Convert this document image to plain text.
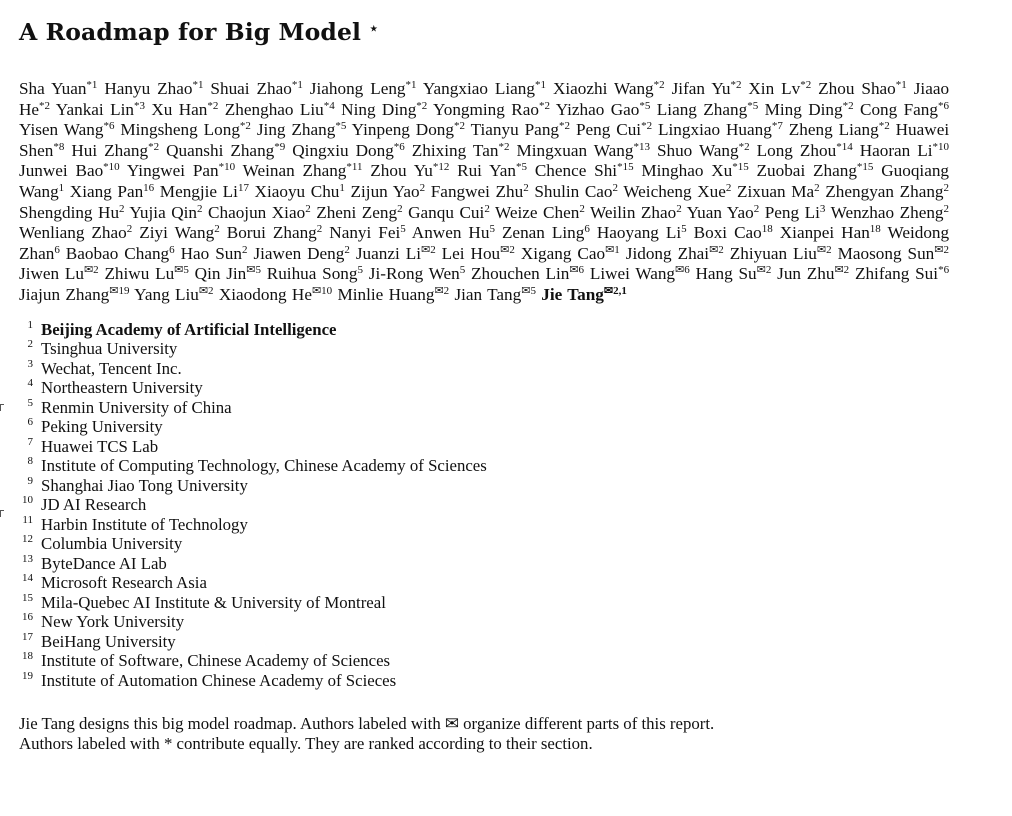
A Roadmap for Big Model ⋆

Sha Yuan$^{*1}$ Hanyu Zhao$^{*1}$ Shuai Zhao$^{*1}$ Jiahong Leng$^{*1}$ Yangxiao Liang$^{*1}$ Xiaozhi Wang$^{*2}$ Jifan Yu$^{*2}$ Xin Lv$^{*2}$ Zhou Shao$^{*1}$ Jiaao He$^{*2}$ Yankai Lin$^{*3}$ Xu Han$^{*2}$ Zhenghao Liu$^{*4}$ Ning Ding$^{*2}$ Yongming Rao$^{*2}$ Yizhao Gao$^{*5}$ Liang Zhang$^{*5}$ Ming Ding$^{*2}$ Cong Fang$^{*6}$ Yisen Wang$^{*6}$ Mingsheng Long$^{*2}$ Jing Zhang$^{*5}$ Yinpeng Dong$^{*2}$ Tianyu Pang$^{*2}$ Peng Cui$^{*2}$ Lingxiao Huang$^{*7}$ Zheng Liang$^{*2}$ Huawei Shen$^{*8}$ Hui Zhang$^{*2}$ Quanshi Zhang$^{*9}$ Qingxiu Dong$^{*6}$ Zhixing Tan$^{*2}$ Mingxuan Wang$^{*13}$ Shuo Wang$^{*2}$ Long Zhou$^{*14}$ Haoran Li$^{*10}$ Junwei Bao$^{*10}$ Yingwei Pan$^{*10}$ Weinan Zhang$^{*11}$ Zhou Yu$^{*12}$ Rui Yan$^{*5}$ Chence Shi$^{*15}$ Minghao Xu$^{*15}$ Zuobai Zhang$^{*15}$ Guoqiang Wang$^1$ Xiang Pan$^{16}$ Mengjie Li$^{17}$ Xiaoyu Chu$^1$ Zijun Yao$^2$ Fangwei Zhu$^2$ Shulin Cao$^2$ Weicheng Xue$^2$ Zixuan Ma$^2$ Zhengyan Zhang$^2$ Shengding Hu$^2$ Yujia Qin$^2$ Chaojun Xiao$^2$ Zheni Zeng$^2$ Ganqu Cui$^2$ Weize Chen$^2$ Weilin Zhao$^2$ Yuan Yao$^2$ Peng Li$^3$ Wenzhao Zheng$^2$ Wenliang Zhao$^2$ Ziyi Wang$^2$ Borui Zhang$^2$ Nanyi Fei$^5$ Anwen Hu$^5$ Zenan Ling$^6$ Haoyang Li$^5$ Boxi Cao$^{18}$ Xianpei Han$^{18}$ Weidong Zhan$^6$ Baobao Chang$^6$ Hao Sun$^2$ Jiawen Deng$^2$ Juanzi $Li^{✉2}$ Lei Hou$^{✉2}$ Xigang Cao$^{✉1}$ Jidong Zhai$^{✉2}$ Zhiyuan Liu$^{✉2}$ Maosong Sun$^{✉2}$ Jiwen $Lu^{✉2}$ Zhiwu $Lu^{✉5}$ Qin Jin$^{✉5}$ Ruihua Song$^5$ Ji-Rong Wen$^5$ Zhouchen Lin$^{✉6}$ Liwei Wang$^{✉6}$ Hang $Su^{✉2}$ Jun Zhu$^{✉2}$ Zhifang Sui$^{*6}$ Jiajun Zhang$^{✉19}$ Yang Liu$^{✉2}$ Xiaodong $He^{✉10}$ Minlie Huang$^{✉2}$ Jian Tang$^{✉5}$ Jie Tang$^{✉2,1}$

1 Beijing Academy of Artificial Intelligence
2 Tsinghua University
3 Wechat, Tencent Inc.
4 Northeastern University
5 Renmin University of China
6 Peking University
7 Huawei TCS Lab
8 Institute of Computing Technology, Chinese Academy of Sciences
9 Shanghai Jiao Tong University
10 JD AI Research
11 Harbin Institute of Technology
12 Columbia University
13 ByteDance AI Lab
14 Microsoft Research Asia
15 Mila-Quebec AI Institute & University of Montreal
16 New York University
17 BeiHang University
18 Institute of Software, Chinese Academy of Sciences
19 Institute of Automation Chinese Academy of Scieces
Jie Tang designs this big model roadmap. Authors labeled with ✉ organize different parts of this report.
Authors labeled with * contribute equally. They are ranked according to their section.
